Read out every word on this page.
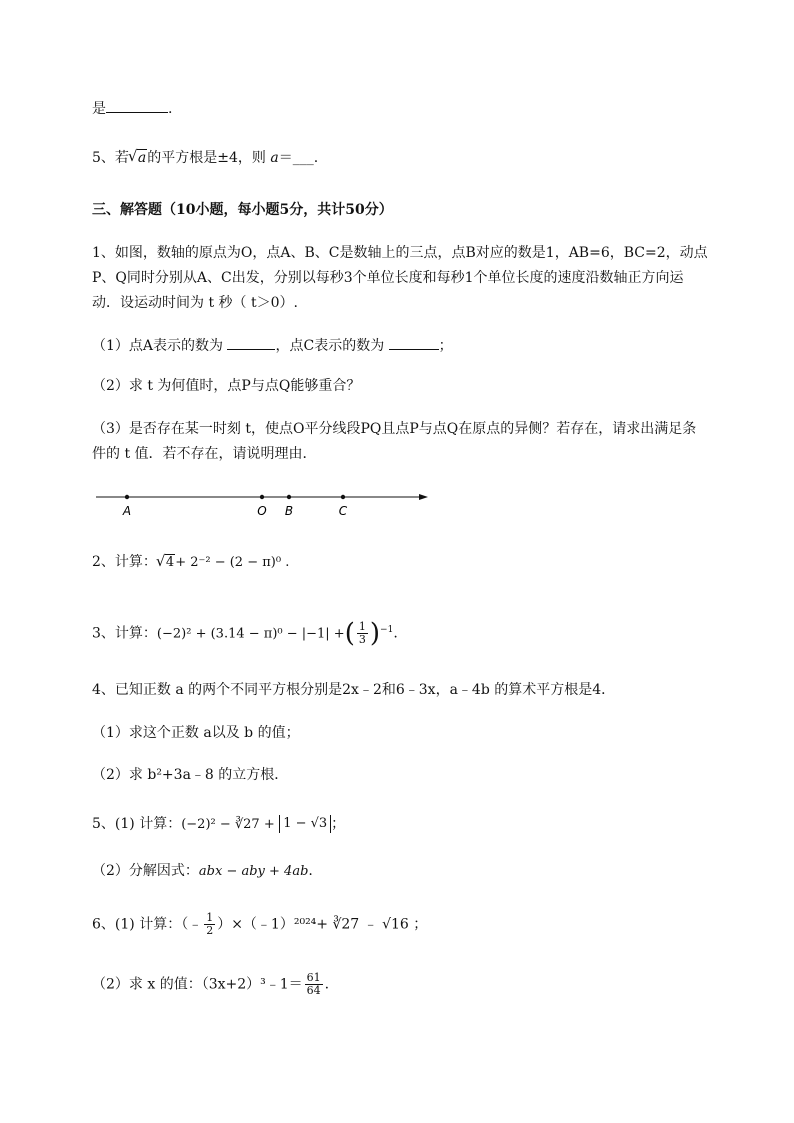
是	.
5、若 √ a的平方根是±4，则 a＝___.
三、解答题（10小题，每小题5分，共计50分）
1、如图，数轴的原点为O，点A、B、C是数轴上的三点，点B对应的数是1，AB=6，BC=2，动点
P、Q同时分别从A、C出发，分别以每秒3个单位长度和每秒1个单位长度的速度沿数轴正方向运
动．设运动时间为 t 秒（ t＞0）.
（1）点A表示的数为	，点C表示的数为	；
（2）求 t 为何值时，点P与点Q能够重合？
（3）是否存在某一时刻 t，使点O平分线段PQ且点P与点Q在原点的异侧？若存在，请求出满足条
件的 t 值．若不存在，请说明理由．
A	O B	C
2、计算： √ 4+ 2⁻² − (2 − π)⁰ .
3、计算：(−2)² + (3.14 − π)⁰ − |−1| +( $\frac{1}{3} )^{-1}$.
4、已知正数 a 的两个不同平方根分别是2x﹣2和6﹣3x，a﹣4b 的算术平方根是4．
（1）求这个正数 a以及 b 的值；
（2）求 b²+3a﹣8 的立方根．
5、(1) 计算：(−2)² − ∛27 + 1 − √3 ；
（2）分解因式：abx − aby + 4ab.
6、(1) 计算：（﹣ $\frac{1}{2}$ ）×（﹣1）²⁰²⁴+ ∛27 ﹣ √16 ；
（2）求 x 的值：（3x+2）³﹣1＝ $\frac{61}{64}$ .
